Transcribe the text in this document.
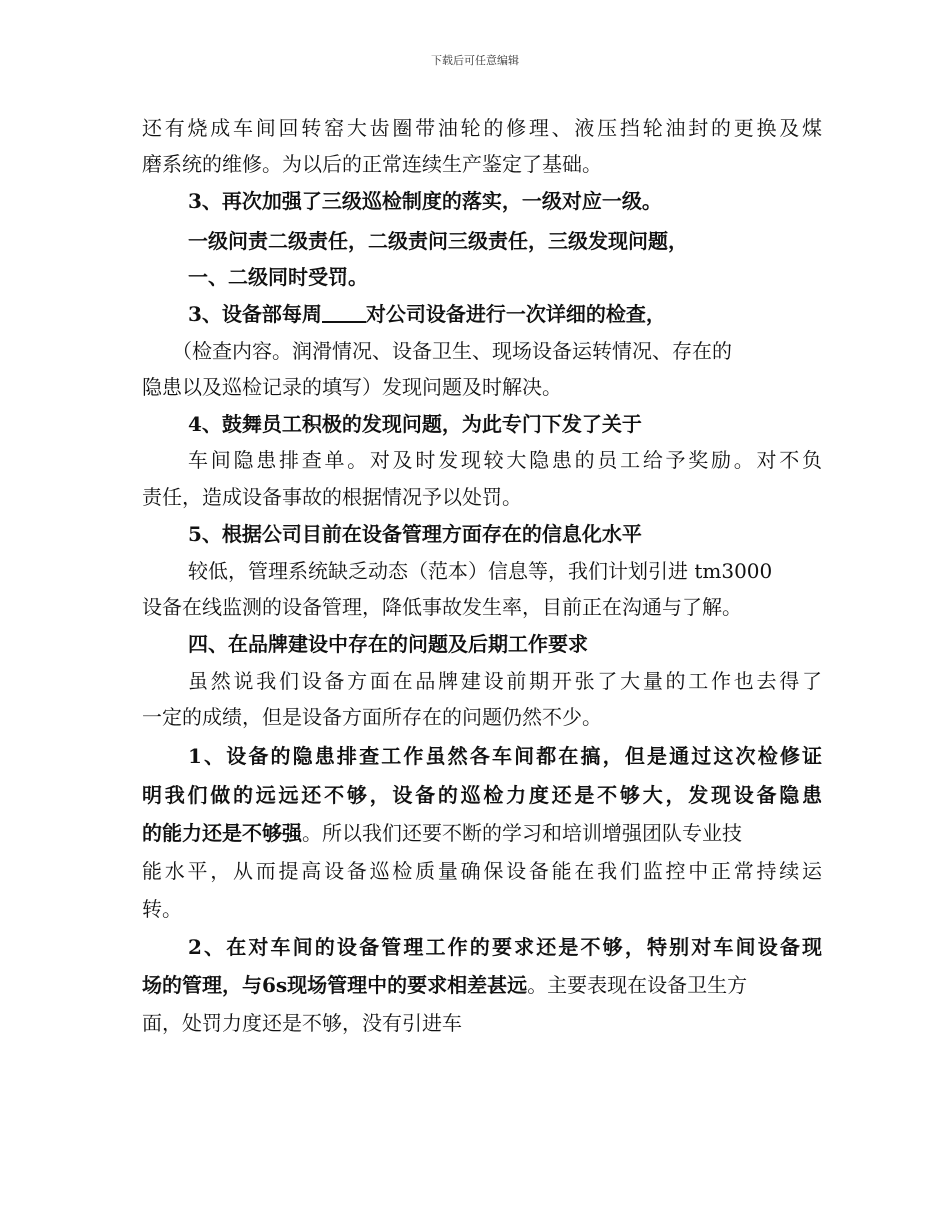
下载后可任意编辑
还有烧成车间回转窑大齿圈带油轮的修理、液压挡轮油封的更换及煤
磨系统的维修。为以后的正常连续生产鉴定了基础。
3、再次加强了三级巡检制度的落实，一级对应一级。
一级问责二级责任，二级责问三级责任，三级发现问题，
一、二级同时受罚。
3、设备部每周 对公司设备进行一次详细的检查，
（检查内容。润滑情况、设备卫生、现场设备运转情况、存在的
隐患以及巡检记录的填写）发现问题及时解决。
4、鼓舞员工积极的发现问题，为此专门下发了关于
车间隐患排查单。对及时发现较大隐患的员工给予奖励。对不负
责任，造成设备事故的根据情况予以处罚。
5、根据公司目前在设备管理方面存在的信息化水平
较低，管理系统缺乏动态（范本）信息等，我们计划引进 tm3000
设备在线监测的设备管理，降低事故发生率，目前正在沟通与了解。
四、在品牌建设中存在的问题及后期工作要求
虽然说我们设备方面在品牌建设前期开张了大量的工作也去得了
一定的成绩，但是设备方面所存在的问题仍然不少。
1、设备的隐患排查工作虽然各车间都在搞，但是通过这次检修证
明我们做的远远还不够，设备的巡检力度还是不够大，发现设备隐患
的能力还是不够强。所以我们还要不断的学习和培训增强团队专业技
能水平，从而提高设备巡检质量确保设备能在我们监控中正常持续运
转。
2、在对车间的设备管理工作的要求还是不够，特别对车间设备现
场的管理，与6s现场管理中的要求相差甚远。主要表现在设备卫生方
面，处罚力度还是不够，没有引进车
